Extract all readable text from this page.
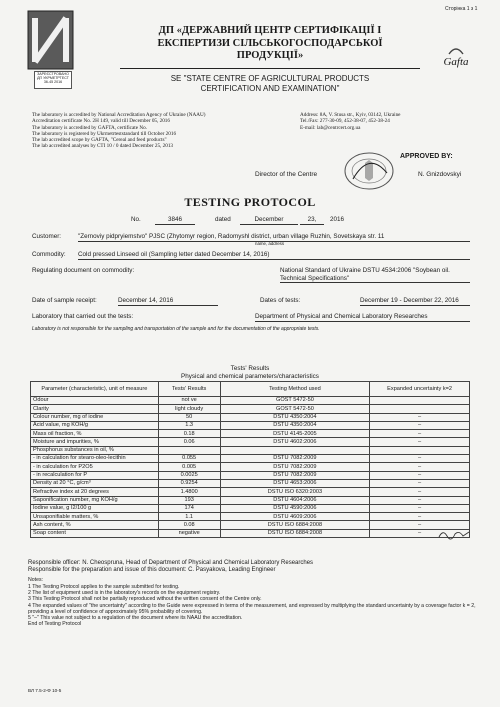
Сторінка 1 з 1
ЗАРЕЄСТРОВАНО ДП УКРМЕТРТЕСТ 36-45 2016
ДП «ДЕРЖАВНИЙ ЦЕНТР СЕРТИФІКАЦІЇ І
ЕКСПЕРТИЗИ СІЛЬСЬКОГОСПОДАРСЬКОЇ
ПРОДУКЦІЇ»
SE "STATE CENTRE OF AGRICULTURAL PRODUCTS
CERTIFICATION AND EXAMINATION"
Gafta
The laboratory is accredited by National Accreditation Agency of Ukraine (NAAU)
Accreditation certificate No. 2H 149, valid till December 05, 2016
The laboratory is accredited by GAFTA, certificate No.
The laboratory is registered by Ukrmetrteststandard till October 2016
The lab accredited scope by GAFTA, "Cereal and feed products"
The lab accredited analyses by CTI 10 / 0 dated December 25, 2013
Address: 8A, V. Stusa str., Kyiv, 03142, Ukraine
Tel./Fax: 277-30-09, 452-38-07, 452-38-24
E-mail: lab@centrcert.org.ua
APPROVED BY:
Director of the Centre	N. Gnizdovskyi
TESTING PROTOCOL
No.	3846	dated	December	23,	2016
Customer:	"Zernoviy pidpryiemstvo" PJSC (Zhytomyr region, Radomyshl district, urban village Ruzhin, Sovetskaya str. 11
name, address
Commodity: Cold pressed Linseed oil (Sampling letter dated December 14, 2016)
Regulating document on commodity:	National Standard of Ukraine DSTU 4534:2006 "Soybean oil. Technical Specifications"
Date of sample receipt:	December 14, 2016	Dates of tests:	December 19 - December 22, 2016
Laboratory that carried out the tests:	Department of Physical and Chemical Laboratory Researches
Laboratory is not responsible for the sampling and transportation of the sample and for the documentation of the appropriate tests.
Tests' Results
Physical and chemical parameters/characteristics
Parameter (characteristic), unit of measure	Tests' Results	Testing Method used	Expanded uncertainty k=2
Odour	not ve	GOST 5472-50	
Clarity	light cloudy	GOST 5472-50	
Colour number, mg of iodine	50	DSTU 4350:2004	–
Acid value, mg KOH/g	1.3	DSTU 4350:2004	–
Mass oil fraction, %	0.18	DSTU 4145-2005	–
Moisture and impurities, %	0.06	DSTU 4602:2006	–
Phosphorus substances in oil, %			
- in calculation for stearo-oleo-lecithin	0.055	DSTU 7082:2009	–
- in calculation for P2O5	0.005	DSTU 7082:2009	–
- in recalculation for P	0.0025	DSTU 7082:2009	–
Density at 20 °C, g/cm³	0.9254	DSTU 4653:2006	–
Refractive index at 20 degrees	1.4800	DSTU ISO 6320:2003	–
Saponification number, mg KOH/g	193	DSTU 4604:2006	–
Iodine value, g I2/100 g	174	DSTU 4590:2006	–
Unsaponifiable matters, %	1.1	DSTU 4609:2006	–
Ash content, %	0.08	DSTU ISO 6884:2008	–
Soap content	negative	DSTU ISO 6884:2008	–
Responsible officer: N. Cheospruna, Head of Department of Physical and Chemical Laboratory Researches
Responsible for the preparation and issue of this document: C. Pasyakova, Leading Engineer
Notes:
1 The Testing Protocol applies to the sample submitted for testing.
2 The list of equipment used is in the laboratory's records on the equipment registry.
3 This Testing Protocol shall not be partially reproduced without the written consent of the Centre only.
4 The expanded values of "the uncertainty" according to the Guide were expressed in terms of the measurement, and expressed by multiplying the standard uncertainty by a coverage factor k = 2, providing a level of confidence of approximately 95% probability of covering.
5 "–" This value not subject to a regulation of the document where its NAAU the accreditation.
End of Testing Protocol
ВЛ 7.5-2-Ф 10-5
